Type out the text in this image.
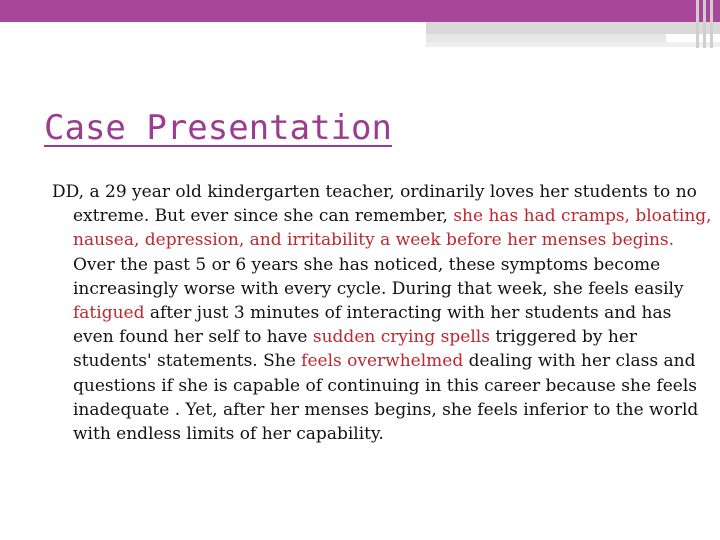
Case Presentation

DD, a 29 year old kindergarten teacher, ordinarily loves her students to no extreme. But ever since she can remember, she has had cramps, bloating, nausea, depression, and irritability a week before her menses begins. Over the past 5 or 6 years she has noticed, these symptoms become increasingly worse with every cycle. During that week, she feels easily fatigued after just 3 minutes of interacting with her students and has even found her self to have sudden crying spells triggered by her students' statements. She feels overwhelmed dealing with her class and questions if she is capable of continuing in this career because she feels inadequate . Yet, after her menses begins, she feels inferior to the world with endless limits of her capability.
